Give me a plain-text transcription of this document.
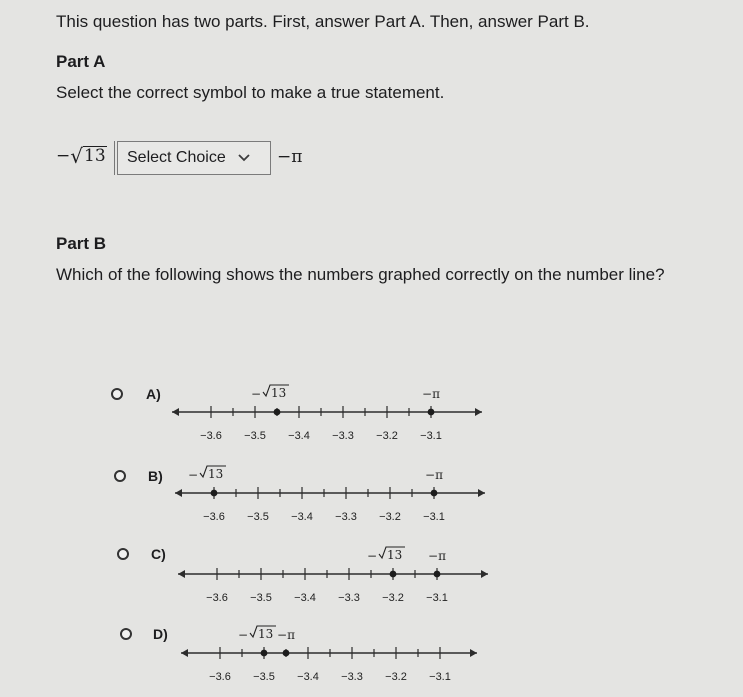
This question has two parts. First, answer Part A. Then, answer Part B.
Part A
Select the correct symbol to make a true statement.
− √ 13 Select Choice	−π
Part B
Which of the following shows the numbers graphed correctly on the number line?
A)
B)
C)
D)
−3.6 −3.5 −3.4 −3.3 −3.2 −3.1
− 13	−π
−3.6 −3.5 −3.4 −3.3 −3.2 −3.1
− 13	−π
−3.6 −3.5 −3.4 −3.3 −3.2 −3.1
− 13 −π
−3.6 −3.5 −3.4 −3.3 −3.2 −3.1
− 13 −π
